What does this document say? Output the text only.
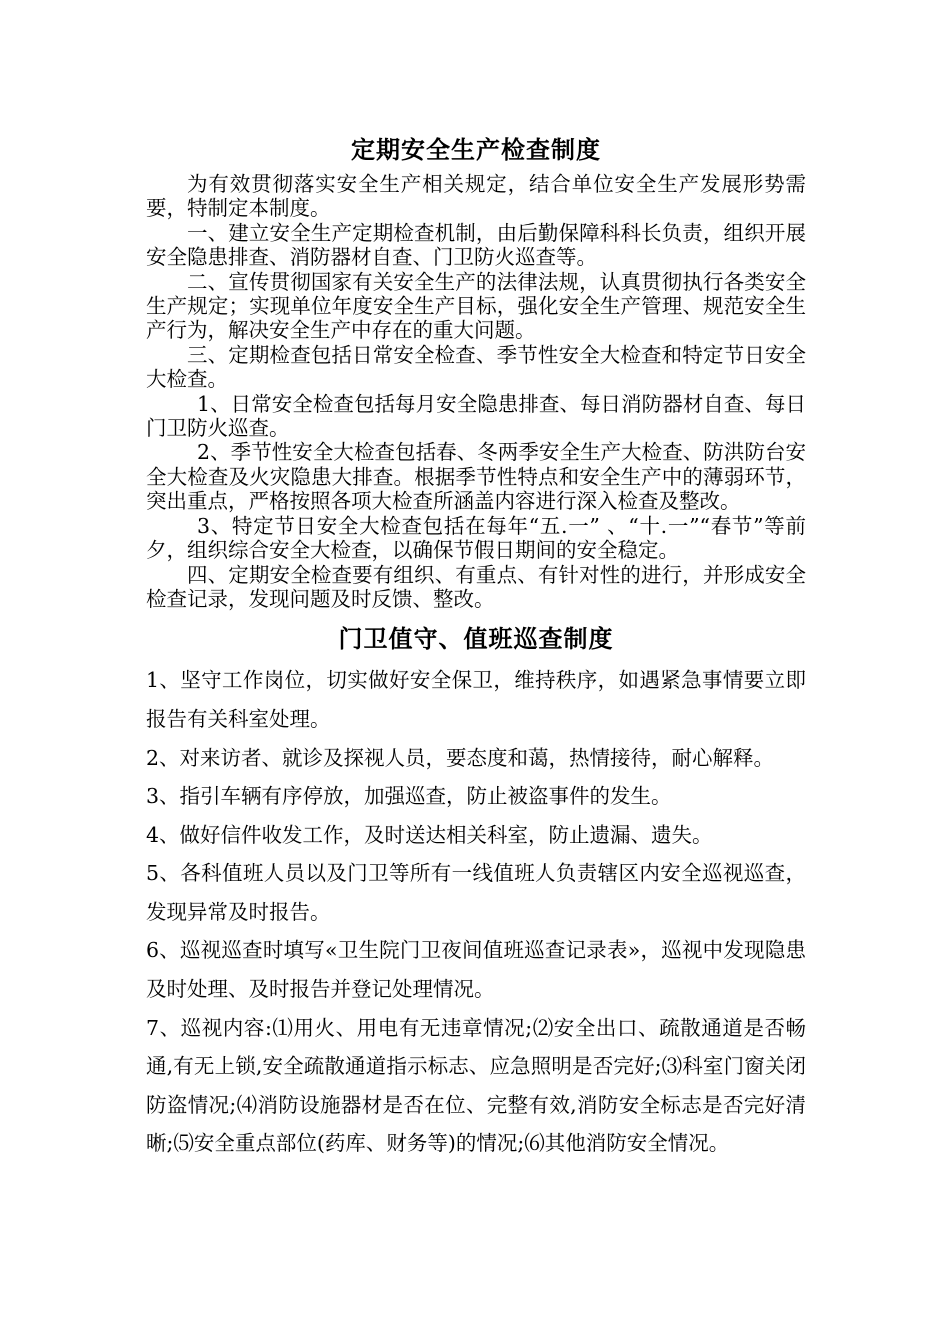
定期安全生产检查制度

为有效贯彻落实安全生产相关规定，结合单位安全生产发展形势需要，特制定本制度。

一、建立安全生产定期检查机制，由后勤保障科科长负责，组织开展安全隐患排查、消防器材自查、门卫防火巡查等。

二、宣传贯彻国家有关安全生产的法律法规，认真贯彻执行各类安全生产规定；实现单位年度安全生产目标，强化安全生产管理、规范安全生产行为，解决安全生产中存在的重大问题。

三、定期检查包括日常安全检查、季节性安全大检查和特定节日安全大检查。

1、日常安全检查包括每月安全隐患排查、每日消防器材自查、每日门卫防火巡查。

2、季节性安全大检查包括春、冬两季安全生产大检查、防洪防台安全大检查及火灾隐患大排查。根据季节性特点和安全生产中的薄弱环节，突出重点，严格按照各项大检查所涵盖内容进行深入检查及整改。

3、特定节日安全大检查包括在每年“五.一” 、“十.一”“春节”等前夕，组织综合安全大检查，以确保节假日期间的安全稳定。

四、定期安全检查要有组织、有重点、有针对性的进行，并形成安全检查记录，发现问题及时反馈、整改。

门卫值守、值班巡查制度

1、坚守工作岗位，切实做好安全保卫，维持秩序，如遇紧急事情要立即报告有关科室处理。

2、对来访者、就诊及探视人员，要态度和蔼，热情接待，耐心解释。

3、指引车辆有序停放，加强巡查，防止被盗事件的发生。

4、做好信件收发工作，及时送达相关科室，防止遗漏、遗失。

5、各科值班人员以及门卫等所有一线值班人负责辖区内安全巡视巡查，发现异常及时报告。

6、巡视巡查时填写«卫生院门卫夜间值班巡查记录表»，巡视中发现隐患及时处理、及时报告并登记处理情况。

7、巡视内容:⑴用火、用电有无违章情况;⑵安全出口、疏散通道是否畅通,有无上锁,安全疏散通道指示标志、应急照明是否完好;⑶科室门窗关闭防盗情况;⑷消防设施器材是否在位、完整有效,消防安全标志是否完好清晰;⑸安全重点部位(药库、财务等)的情况;⑹其他消防安全情况。
